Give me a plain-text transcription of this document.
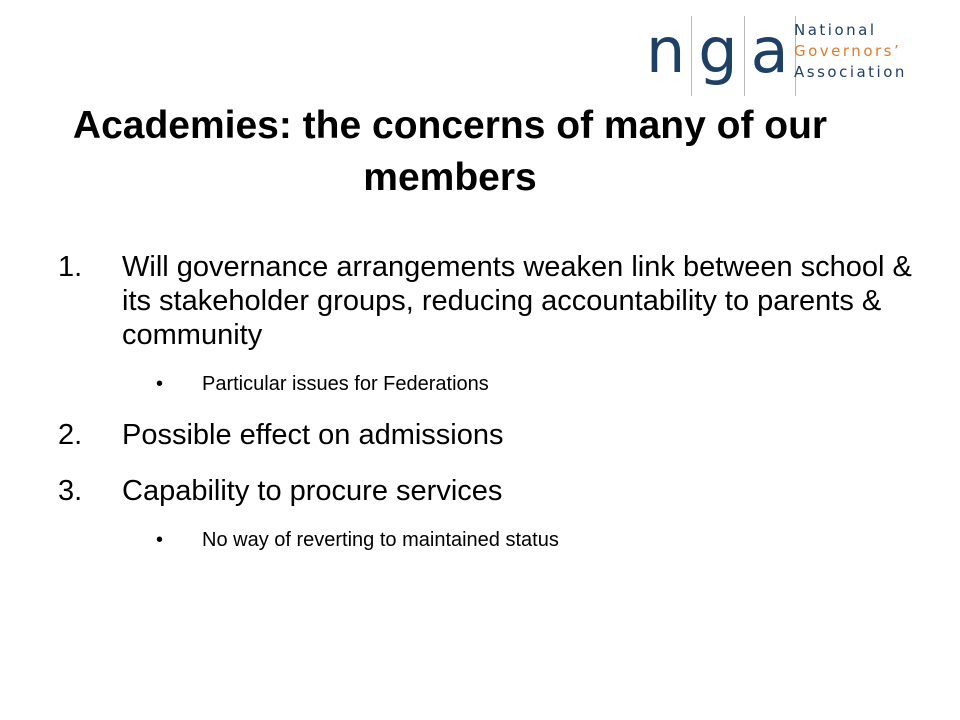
n g a National
Governors’
Association
Academies: the concerns of many of our members
1.	Will governance arrangements weaken link between school & its stakeholder groups, reducing accountability to parents & community
• Particular issues for Federations
2.	Possible effect on admissions
3.	Capability to procure services
• No way of reverting to maintained status
